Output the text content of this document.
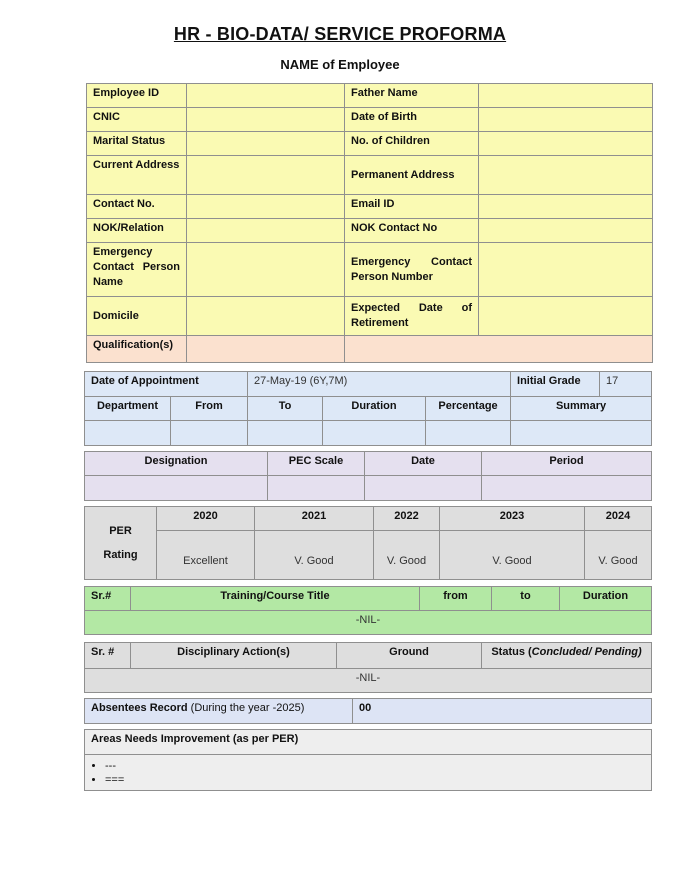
HR - BIO-DATA/ SERVICE PROFORMA
NAME of Employee
Employee ID		Father Name	
CNIC		Date of Birth	
Marital Status		No. of Children	
Current Address		Permanent Address	
Contact No.		Email ID	
NOK/Relation		NOK Contact No	
Emergency Contact Person Name		Emergency Contact Person Number	
Domicile		Expected Date of Retirement	
Qualification(s)			
Date of Appointment		27-May-19 (6Y,7M)			Initial Grade	17
Department	From	To	Duration	Percentage	Summary	

Designation	PEC Scale	Date	Period

PER
Rating	2020	2021	2022	2023	2024
	Excellent	V. Good	V. Good	V. Good	V. Good
Sr.#	Training/Course Title	from	to	Duration
-NIL-
Sr. #	Disciplinary Action(s)	Ground	Status (Concluded/ Pending)
-NIL-
Absentees Record (During the year -2025)	00
Areas Needs Improvement (as per PER)

• ---
• ===
